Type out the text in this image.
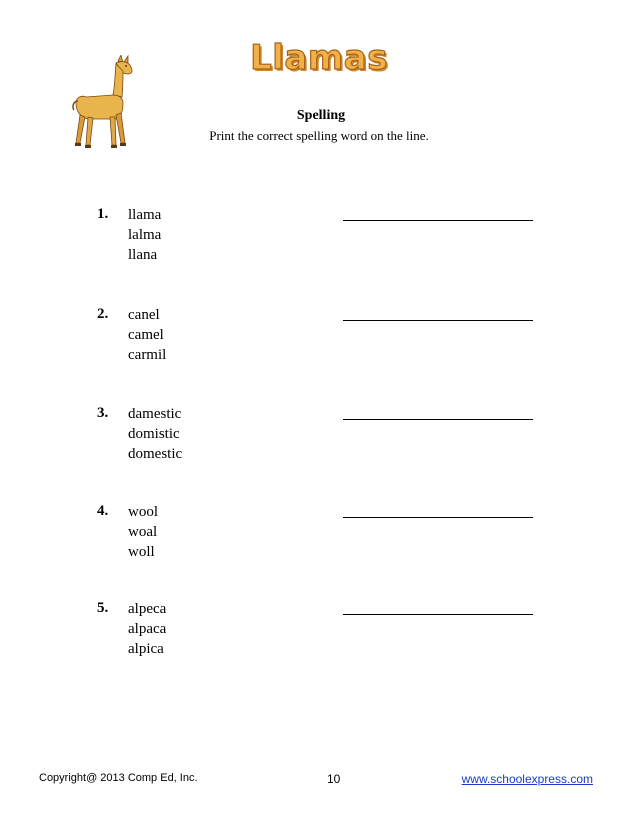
Llamas
Spelling
Print the correct spelling word on the line.
1. llama
lalma
llana
2. canel
camel
carmil
3. damestic
domistic
domestic
4. wool
woal
woll
5. alpeca
alpaca
alpica
Copyright@ 2013 Comp Ed, Inc.	10	www.schoolexpress.com
